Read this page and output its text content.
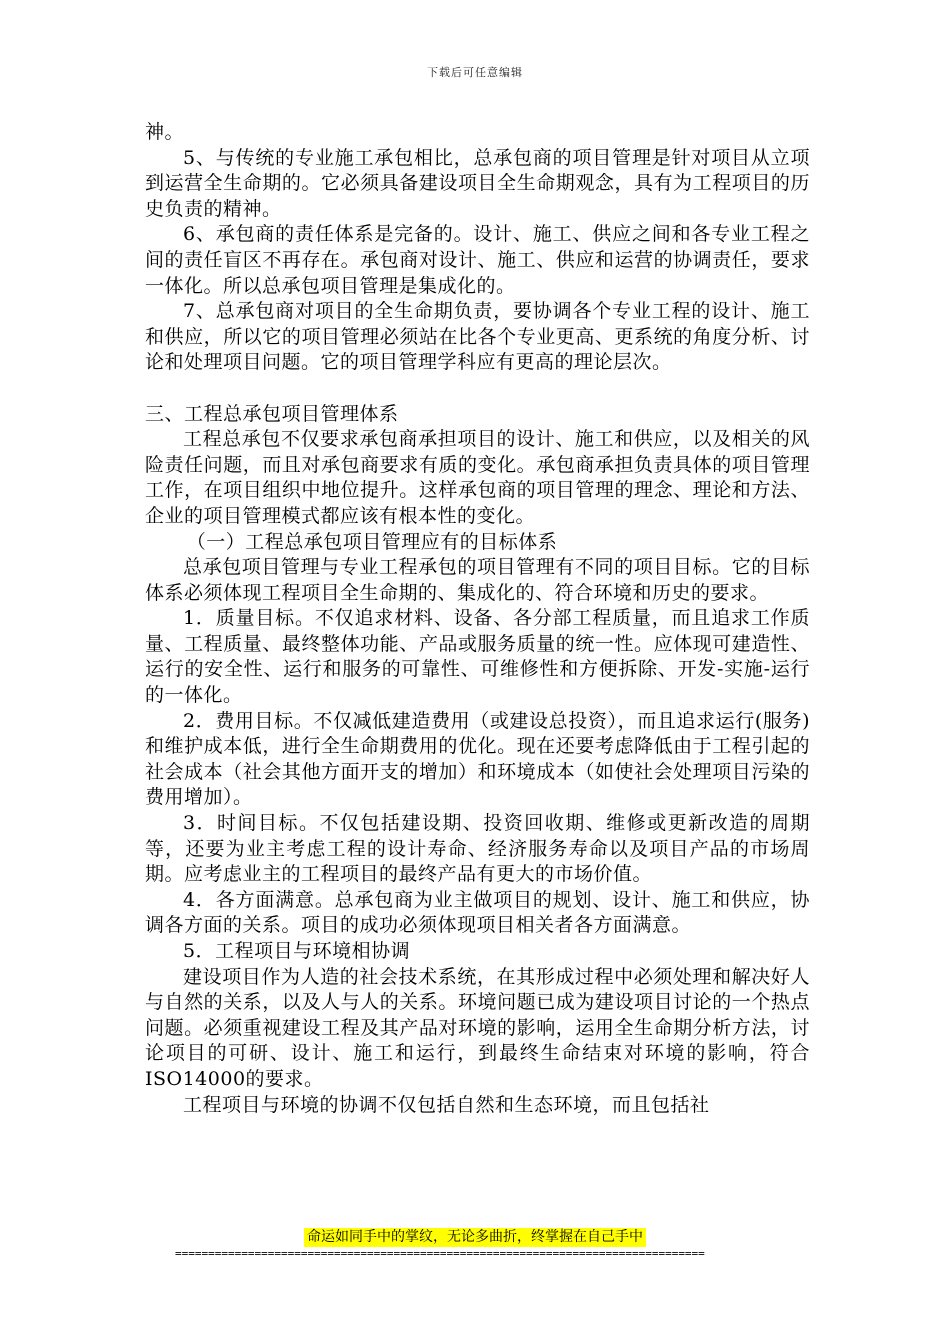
下载后可任意编辑

神。

5、与传统的专业施工承包相比，总承包商的项目管理是针对项目从立项到运营全生命期的。它必须具备建设项目全生命期观念，具有为工程项目的历史负责的精神。

6、承包商的责任体系是完备的。设计、施工、供应之间和各专业工程之间的责任盲区不再存在。承包商对设计、施工、供应和运营的协调责任，要求一体化。所以总承包项目管理是集成化的。

7、总承包商对项目的全生命期负责，要协调各个专业工程的设计、施工和供应，所以它的项目管理必须站在比各个专业更高、更系统的角度分析、讨论和处理项目问题。它的项目管理学科应有更高的理论层次。

三、工程总承包项目管理体系

工程总承包不仅要求承包商承担项目的设计、施工和供应，以及相关的风险责任问题，而且对承包商要求有质的变化。承包商承担负责具体的项目管理工作，在项目组织中地位提升。这样承包商的项目管理的理念、理论和方法、企业的项目管理模式都应该有根本性的变化。

（一）工程总承包项目管理应有的目标体系

总承包项目管理与专业工程承包的项目管理有不同的项目目标。它的目标体系必须体现工程项目全生命期的、集成化的、符合环境和历史的要求。

1．质量目标。不仅追求材料、设备、各分部工程质量，而且追求工作质量、工程质量、最终整体功能、产品或服务质量的统一性。应体现可建造性、运行的安全性、运行和服务的可靠性、可维修性和方便拆除、开发-实施-运行的一体化。

2．费用目标。不仅减低建造费用（或建设总投资），而且追求运行(服务)和维护成本低，进行全生命期费用的优化。现在还要考虑降低由于工程引起的社会成本（社会其他方面开支的增加）和环境成本（如使社会处理项目污染的费用增加）。

3．时间目标。不仅包括建设期、投资回收期、维修或更新改造的周期等，还要为业主考虑工程的设计寿命、经济服务寿命以及项目产品的市场周期。应考虑业主的工程项目的最终产品有更大的市场价值。

4．各方面满意。总承包商为业主做项目的规划、设计、施工和供应，协调各方面的关系。项目的成功必须体现项目相关者各方面满意。

5．工程项目与环境相协调

建设项目作为人造的社会技术系统，在其形成过程中必须处理和解决好人与自然的关系，以及人与人的关系。环境问题已成为建设项目讨论的一个热点问题。必须重视建设工程及其产品对环境的影响，运用全生命期分析方法，讨论项目的可研、设计、施工和运行，到最终生命结束对环境的影响，符合ISO14000的要求。

工程项目与环境的协调不仅包括自然和生态环境，而且包括社

命运如同手中的掌纹，无论多曲折，终掌握在自己手中
================================================================================
